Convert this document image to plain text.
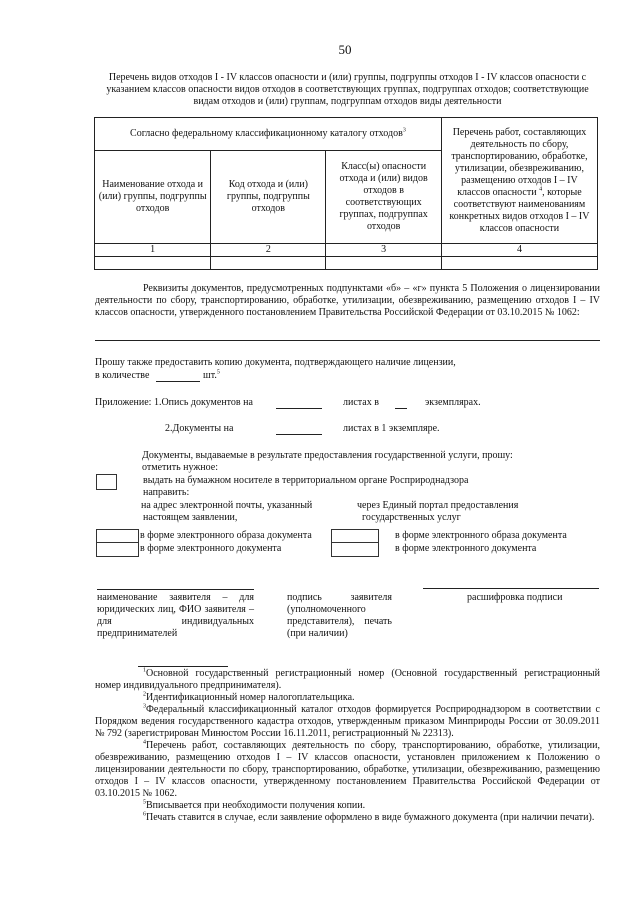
50
Перечень видов отходов I - IV классов опасности и (или) группы, подгруппы отходов I - IV классов опасности с указанием классов опасности видов отходов в соответствующих группах, подгруппах отходов; соответствующие видам отходов и (или) группам, подгруппам отходов виды деятельности
Согласно федеральному классификационному каталогу отходов$^3$			Перечень работ, составляющих деятельность по сбору, транспортированию, обработке, утилизации, обезвреживанию, размещению отходов I – IV классов опасности $^4$, которые соответствуют наименованиям конкретных видов отходов I – IV классов опасности
Наименование отхода и (или) группы, подгруппы отходов	Код отхода и (или) группы, подгруппы отходов	Класс(ы) опасности отхода и (или) видов отходов в соответствующих группах, подгруппах отходов	
1	2	3	4

Реквизиты документов, предусмотренных подпунктами «б» – «г» пункта 5 Положения о лицензировании деятельности по сбору, транспортированию, обработке, утилизации, обезвреживанию, размещению отходов I – IV классов опасности, утвержденного постановлением Правительства Российской Федерации от 03.10.2015 № 1062:
Прошу также предоставить копию документа, подтверждающего наличие лицензии,
в количестве	шт.$^5$
Приложение: 1.Опись документов на	листах в	экземплярах.
2.Документы на	листах в 1 экземпляре.
Документы, выдаваемые в результате предоставления государственной услуги, прошу:
отметить нужное:
выдать на бумажном носителе в территориальном органе Росприроднадзора
направить:
на адрес электронной почты, указанный
настоящем заявлении,
через Единый портал предоставления
государственных услуг
в форме электронного образа документа
в форме электронного документа
в форме электронного образа документа
в форме электронного документа
наименование заявителя – для юридических лиц, ФИО заявителя – для индивидуальных предпринимателей
подпись заявителя (уполномоченного представителя), печать (при наличии)
расшифровка подписи
$^1$Основной государственный регистрационный номер (Основной государственный регистрационный номер индивидуального предпринимателя).
$^2$Идентификационный номер налогоплательщика.
$^3$Федеральный классификационный каталог отходов формируется Росприроднадзором в соответствии с Порядком ведения государственного кадастра отходов, утвержденным приказом Минприроды России от 30.09.2011 № 792 (зарегистрирован Минюстом России 16.11.2011, регистрационный № 22313).
$^4$Перечень работ, составляющих деятельность по сбору, транспортированию, обработке, утилизации, обезвреживанию, размещению отходов I – IV классов опасности, установлен приложением к Положению о лицензировании деятельности по сбору, транспортированию, обработке, утилизации, обезвреживанию, размещению отходов I – IV классов опасности, утвержденному постановлением Правительства Российской Федерации от 03.10.2015 № 1062.
$^5$Вписывается при необходимости получения копии.
$^6$Печать ставится в случае, если заявление оформлено в виде бумажного документа (при наличии печати).
